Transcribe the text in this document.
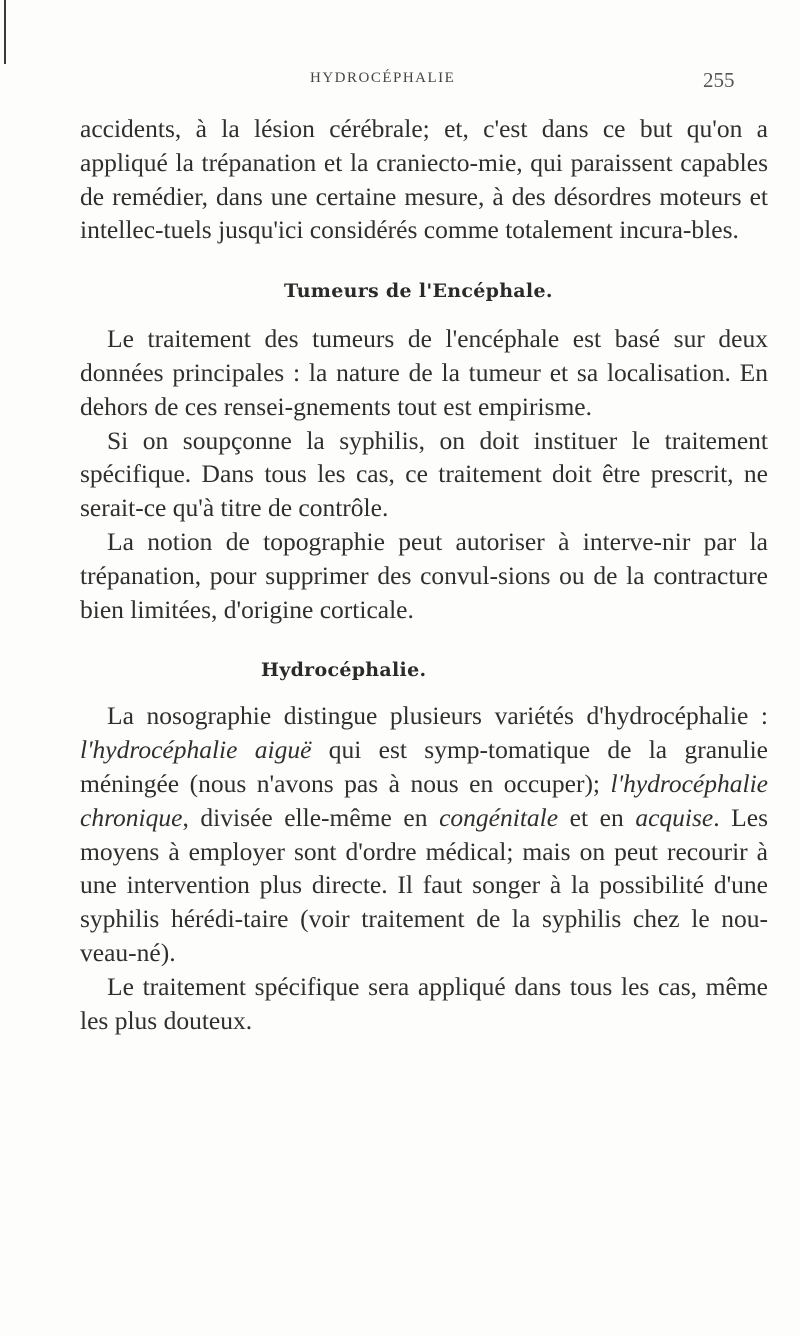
HYDROCÉPHALIE	255

accidents, à la lésion cérébrale; et, c'est dans ce but qu'on a appliqué la trépanation et la craniecto-mie, qui paraissent capables de remédier, dans une certaine mesure, à des désordres moteurs et intellec-tuels jusqu'ici considérés comme totalement incura-bles.

Tumeurs de l'Encéphale.

Le traitement des tumeurs de l'encéphale est basé sur deux données principales : la nature de la tumeur et sa localisation. En dehors de ces rensei-gnements tout est empirisme.

Si on soupçonne la syphilis, on doit instituer le traitement spécifique. Dans tous les cas, ce traitement doit être prescrit, ne serait-ce qu'à titre de contrôle.

La notion de topographie peut autoriser à interve-nir par la trépanation, pour supprimer des convul-sions ou de la contracture bien limitées, d'origine corticale.

Hydrocéphalie.

La nosographie distingue plusieurs variétés d'hydrocéphalie : l'hydrocéphalie aiguë qui est symp-tomatique de la granulie méningée (nous n'avons pas à nous en occuper); l'hydrocéphalie chronique, divisée elle-même en congénitale et en acquise. Les moyens à employer sont d'ordre médical; mais on peut recourir à une intervention plus directe. Il faut songer à la possibilité d'une syphilis hérédi-taire (voir traitement de la syphilis chez le nou-veau-né).

Le traitement spécifique sera appliqué dans tous les cas, même les plus douteux.
